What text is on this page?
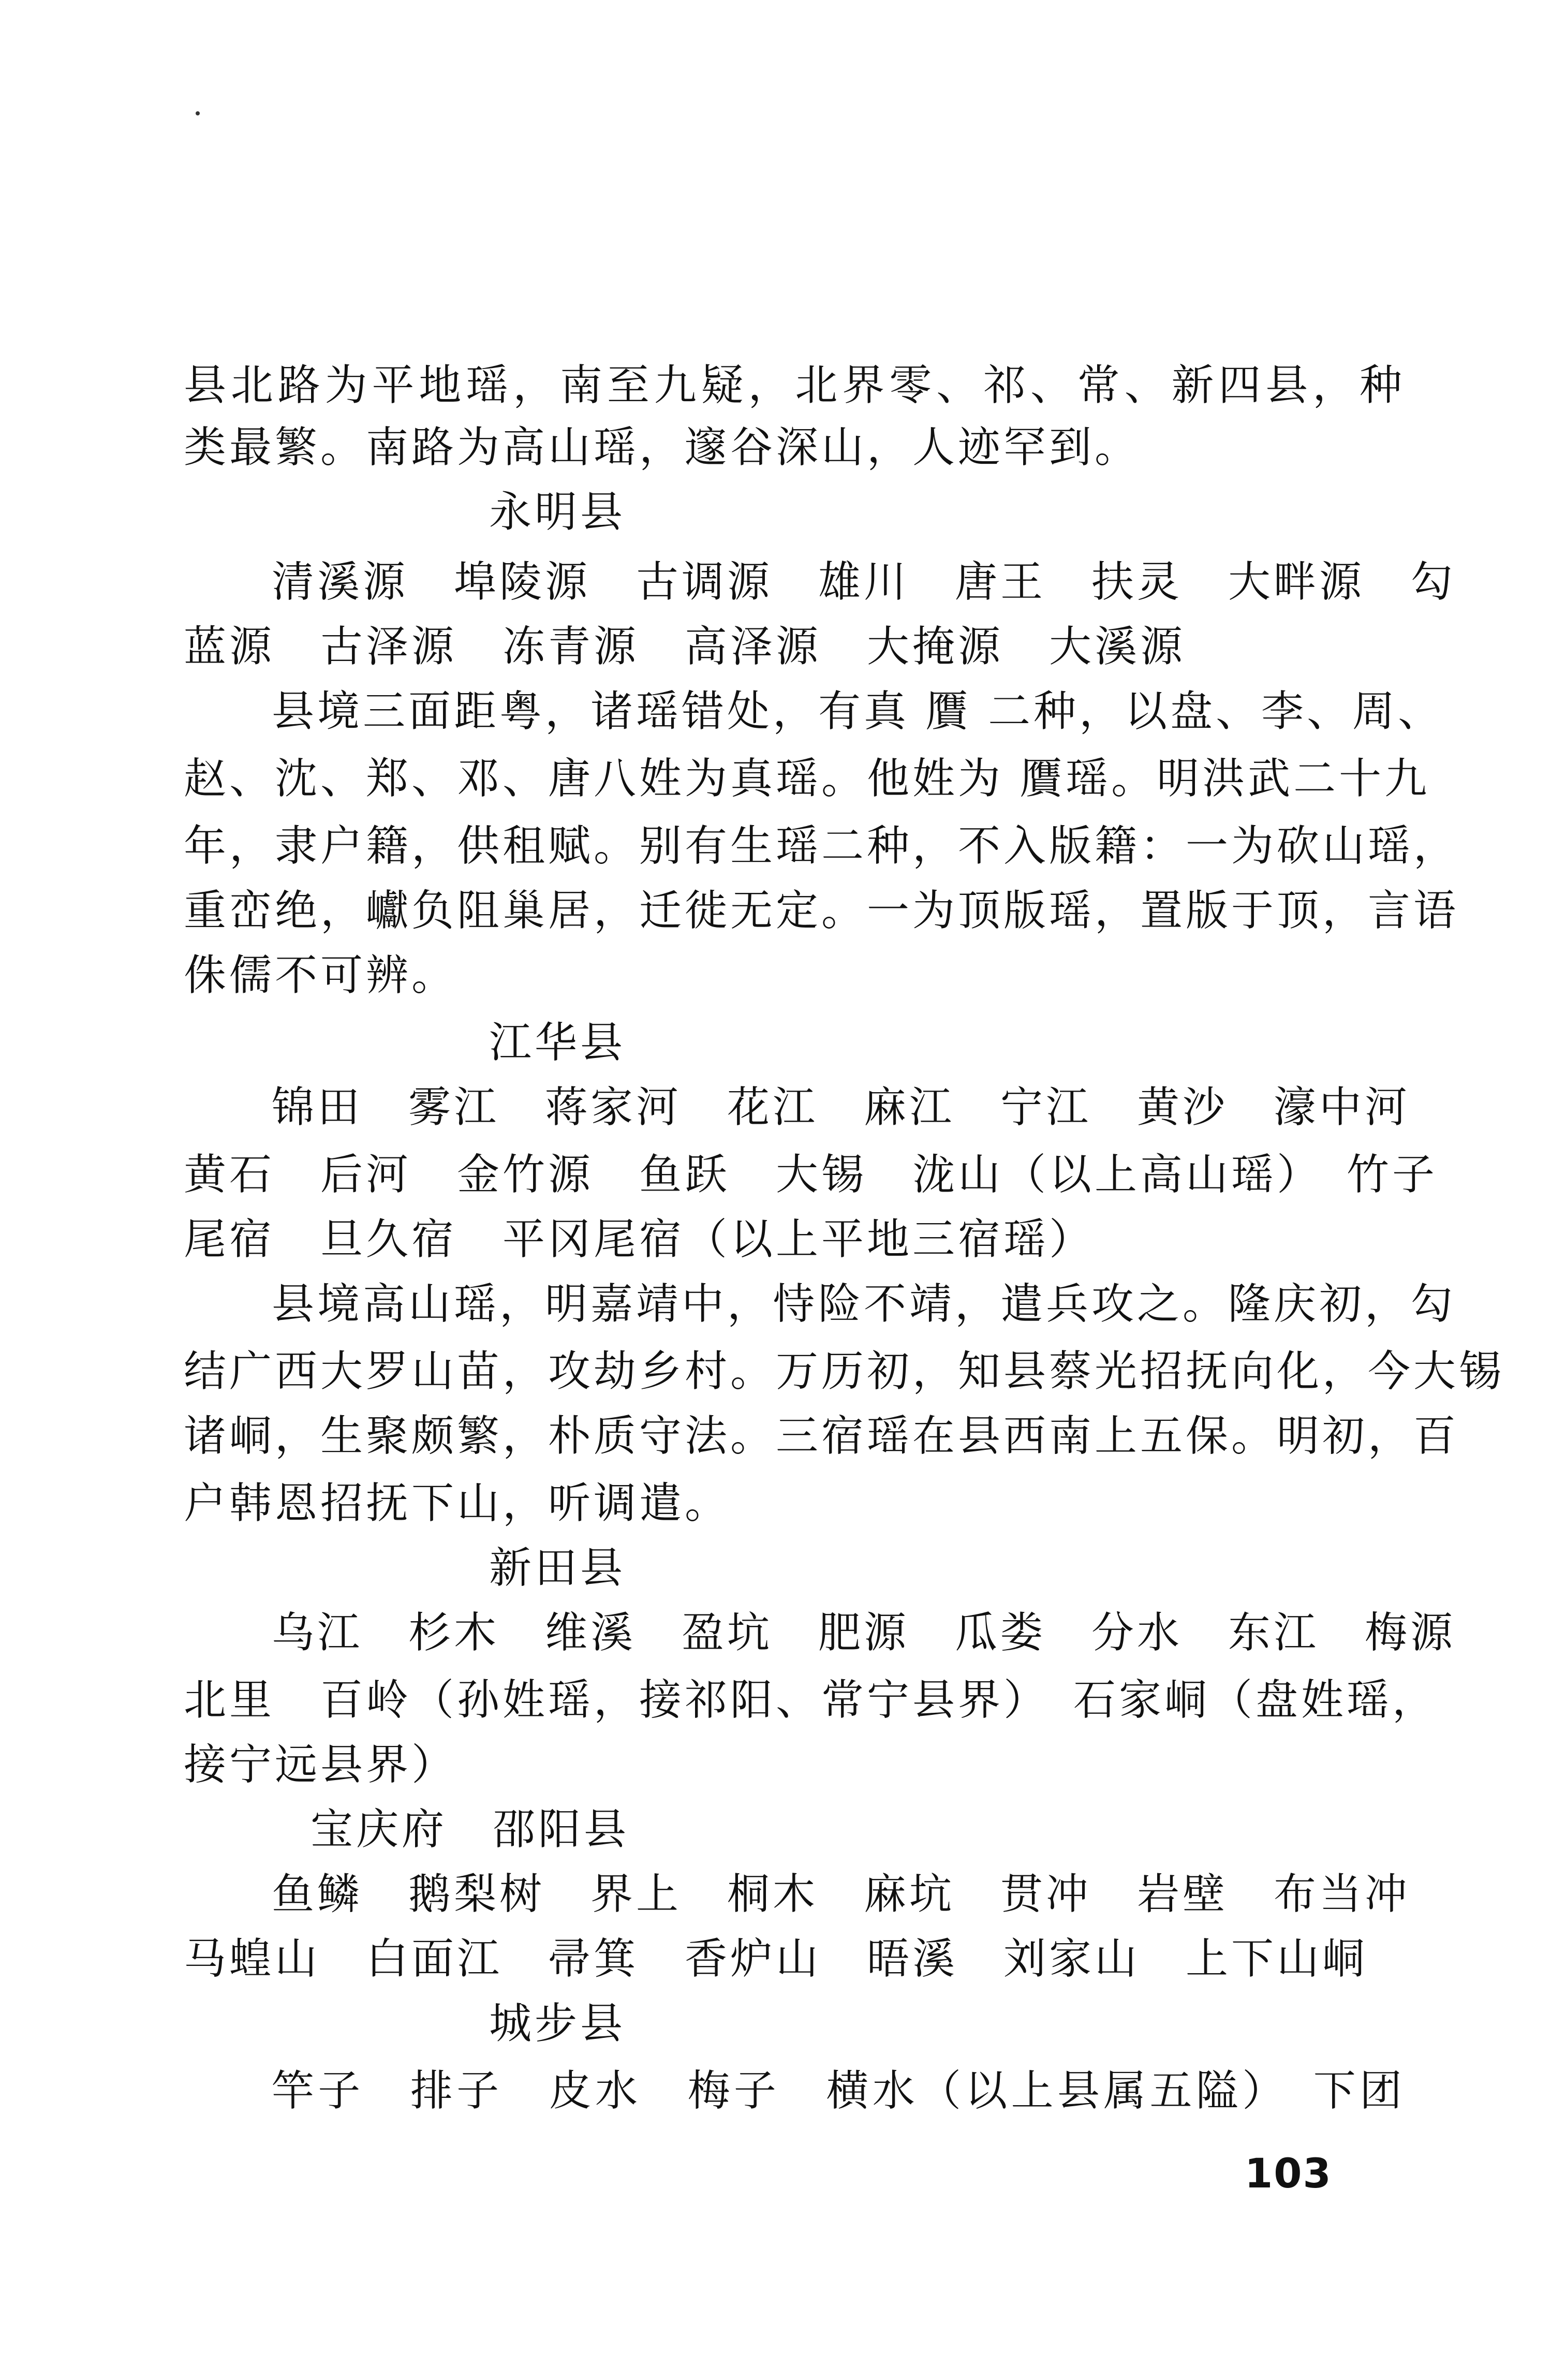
县北路为平地瑶，南至九疑，北界零、祁、常、新四县，种
类最繁。南路为高山瑶，邃谷深山，人迹罕到。
永明县
清溪源　埠陵源　古调源　雄川　唐王　扶灵　大畔源　勾
蓝源　古泽源　冻青源　高泽源　大掩源　大溪源
县境三面距粤，诸瑶错处，有真 贋 二种，以盘、李、周、
赵、沈、郑、邓、唐八姓为真瑶。他姓为 贋瑶。明洪武二十九
年，隶户籍，供租赋。别有生瑶二种，不入版籍：一为砍山瑶，
重峦绝，巘负阻巢居，迁徙无定。一为顶版瑶，置版于顶，言语
侏儒不可辨。
江华县
锦田　雾江　蒋家河　花江　麻江　宁江　黄沙　濠中河
黄石　后河　金竹源　鱼跃　大锡　泷山（以上高山瑶）　竹子
尾宿　旦久宿　平冈尾宿（以上平地三宿瑶）
县境高山瑶，明嘉靖中，恃险不靖，遣兵攻之。隆庆初，勾
结广西大罗山苗，攻劫乡村。万历初，知县蔡光招抚向化，今大锡
诸峒，生聚颇繁，朴质守法。三宿瑶在县西南上五保。明初，百
户韩恩招抚下山，听调遣。
新田县
乌江　杉木　维溪　盈坑　肥源　瓜娄　分水　东江　梅源
北里　百岭（孙姓瑶，接祁阳、常宁县界）　石家峒（盘姓瑶，
接宁远县界）
宝庆府　邵阳县
鱼鳞　鹅梨树　界上　桐木　麻坑　贯冲　岩壁　布当冲
马蝗山　白面江　帚箕　香炉山　晤溪　刘家山　上下山峒
城步县
竿子　排子　皮水　梅子　横水（以上县属五隘）　下团
103
